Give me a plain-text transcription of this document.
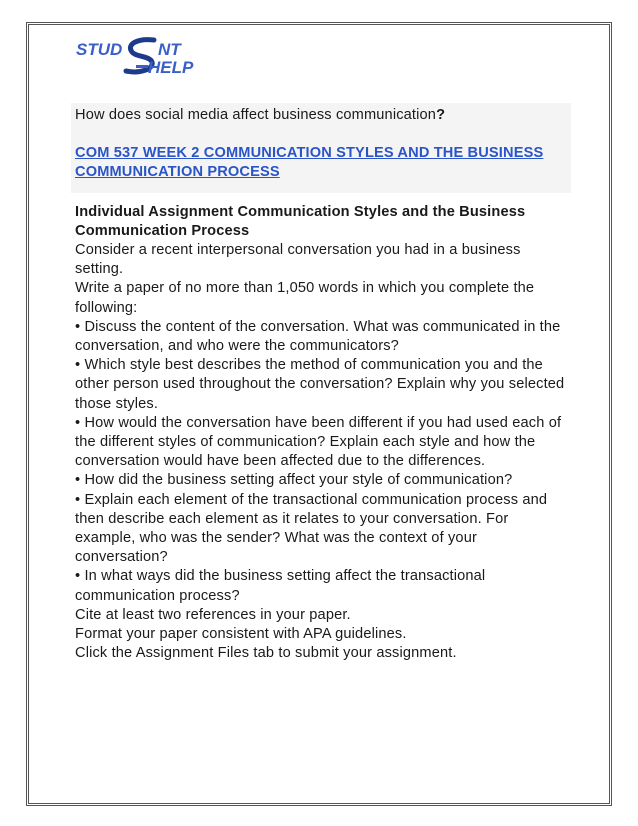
STUD NT
HELP
How does social media affect business communication?
COM 537 WEEK 2 COMMUNICATION STYLES AND THE BUSINESS COMMUNICATION PROCESS
Individual Assignment Communication Styles and the Business Communication Process

Consider a recent interpersonal conversation you had in a business setting.

Write a paper of no more than 1,050 words in which you complete the following:

• Discuss the content of the conversation. What was communicated in the conversation, and who were the communicators?

• Which style best describes the method of communication you and the other person used throughout the conversation? Explain why you selected those styles.

• How would the conversation have been different if you had used each of the different styles of communication? Explain each style and how the conversation would have been affected due to the differences.

• How did the business setting affect your style of communication?

• Explain each element of the transactional communication process and then describe each element as it relates to your conversation. For example, who was the sender? What was the context of your conversation?

• In what ways did the business setting affect the transactional communication process?

Cite at least two references in your paper.

Format your paper consistent with APA guidelines.

Click the Assignment Files tab to submit your assignment.
